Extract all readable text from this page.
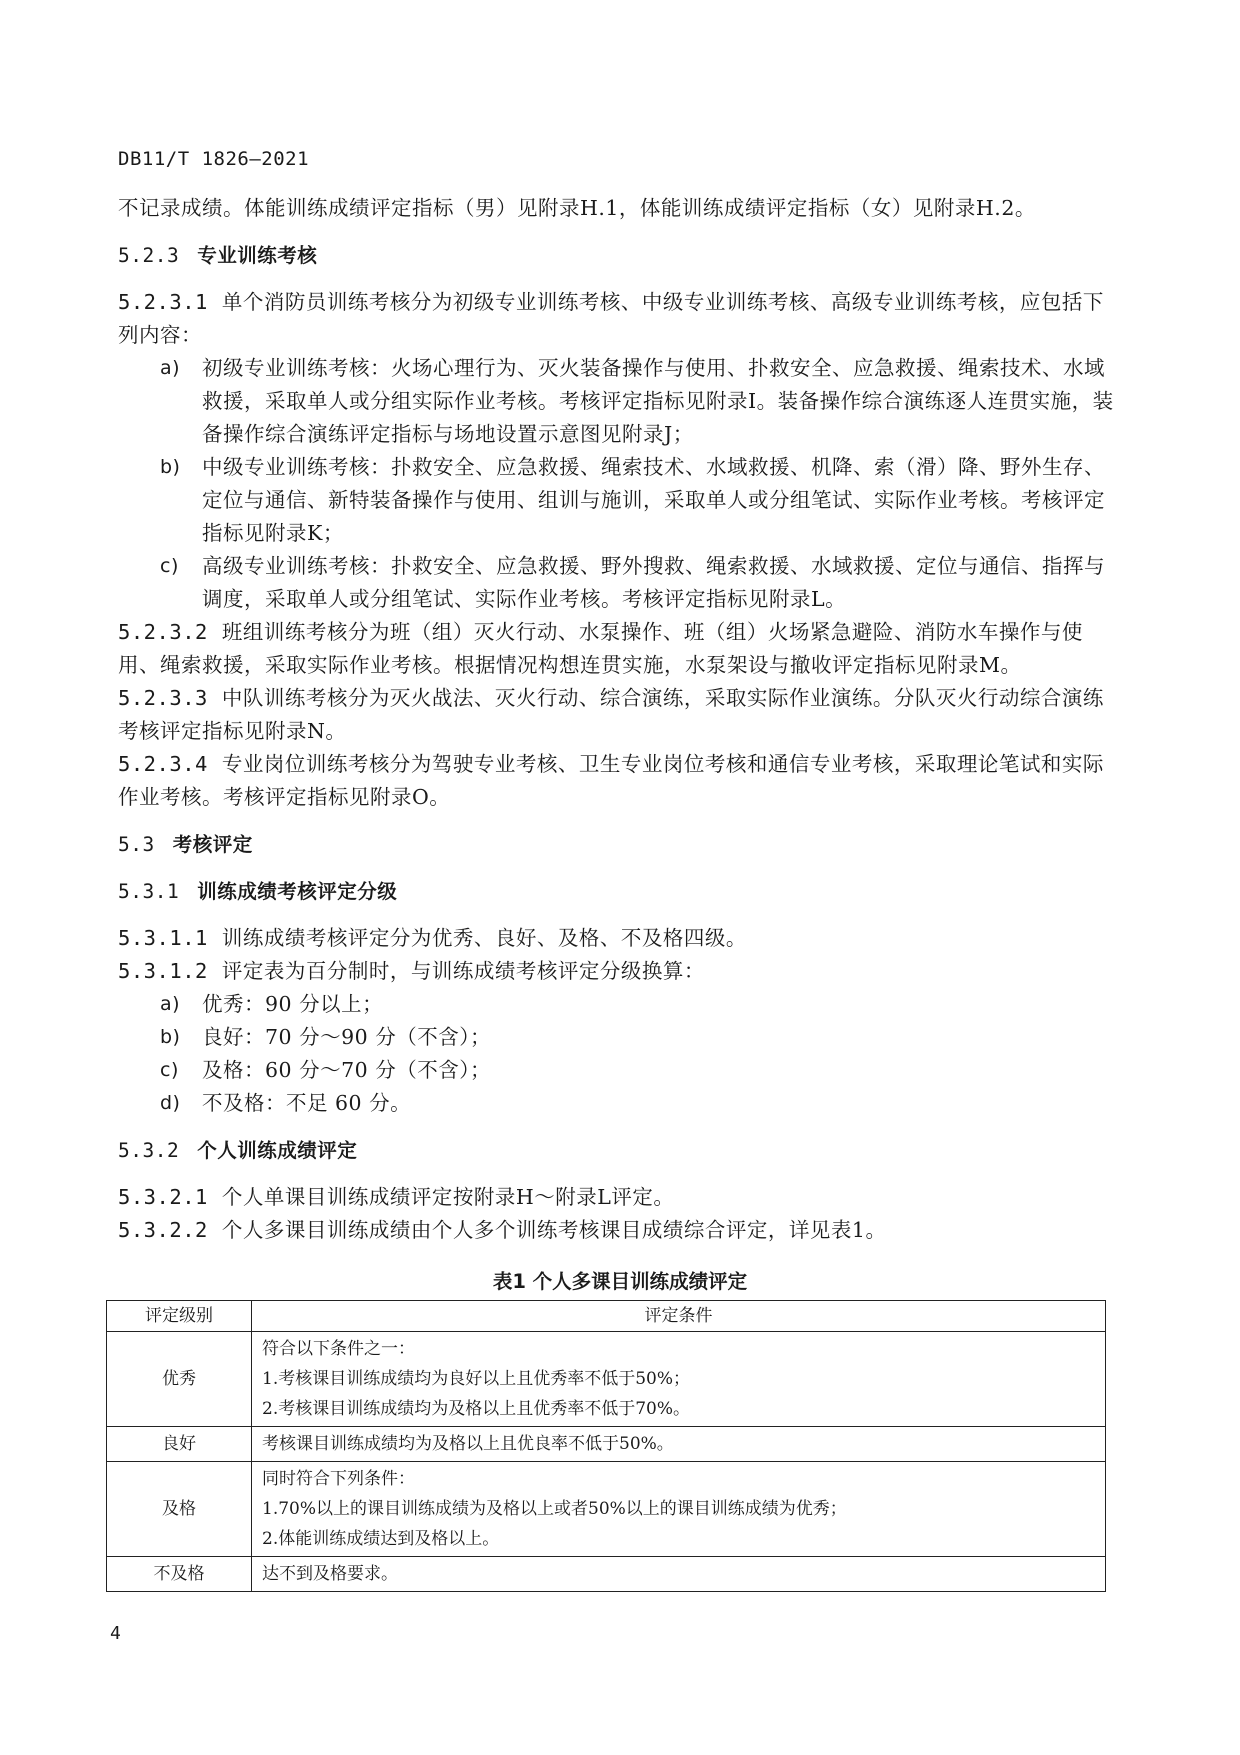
DB11/T 1826—2021

不记录成绩。体能训练成绩评定指标（男）见附录H.1，体能训练成绩评定指标（女）见附录H.2。

5.2.3 专业训练考核

5.2.3.1 单个消防员训练考核分为初级专业训练考核、中级专业训练考核、高级专业训练考核，应包括下列内容：

a)	初级专业训练考核：火场心理行为、灭火装备操作与使用、扑救安全、应急救援、绳索技术、水域救援，采取单人或分组实际作业考核。考核评定指标见附录I。装备操作综合演练逐人连贯实施，装备操作综合演练评定指标与场地设置示意图见附录J；
b)	中级专业训练考核：扑救安全、应急救援、绳索技术、水域救援、机降、索（滑）降、野外生存、定位与通信、新特装备操作与使用、组训与施训，采取单人或分组笔试、实际作业考核。考核评定指标见附录K；
c)	高级专业训练考核：扑救安全、应急救援、野外搜救、绳索救援、水域救援、定位与通信、指挥与调度，采取单人或分组笔试、实际作业考核。考核评定指标见附录L。

5.2.3.2 班组训练考核分为班（组）灭火行动、水泵操作、班（组）火场紧急避险、消防水车操作与使用、绳索救援，采取实际作业考核。根据情况构想连贯实施，水泵架设与撤收评定指标见附录M。

5.2.3.3 中队训练考核分为灭火战法、灭火行动、综合演练，采取实际作业演练。分队灭火行动综合演练考核评定指标见附录N。

5.2.3.4 专业岗位训练考核分为驾驶专业考核、卫生专业岗位考核和通信专业考核，采取理论笔试和实际作业考核。考核评定指标见附录O。

5.3 考核评定
5.3.1 训练成绩考核评定分级

5.3.1.1 训练成绩考核评定分为优秀、良好、及格、不及格四级。

5.3.1.2 评定表为百分制时，与训练成绩考核评定分级换算：

a)	优秀：90 分以上；
b)	良好：70 分～90 分（不含）；
c)	及格：60 分～70 分（不含）；
d)	不及格：不足 60 分。
5.3.2 个人训练成绩评定

5.3.2.1 个人单课目训练成绩评定按附录H～附录L评定。

5.3.2.2 个人多课目训练成绩由个人多个训练考核课目成绩综合评定，详见表1。

表1 个人多课目训练成绩评定
评定级别	评定条件
优秀	符合以下条件之一：
1.考核课目训练成绩均为良好以上且优秀率不低于50%；
2.考核课目训练成绩均为及格以上且优秀率不低于70%。

良好	考核课目训练成绩均为及格以上且优良率不低于50%。

及格	同时符合下列条件：
1.70%以上的课目训练成绩为及格以上或者50%以上的课目训练成绩为优秀；
2.体能训练成绩达到及格以上。

不及格	达不到及格要求。
4
